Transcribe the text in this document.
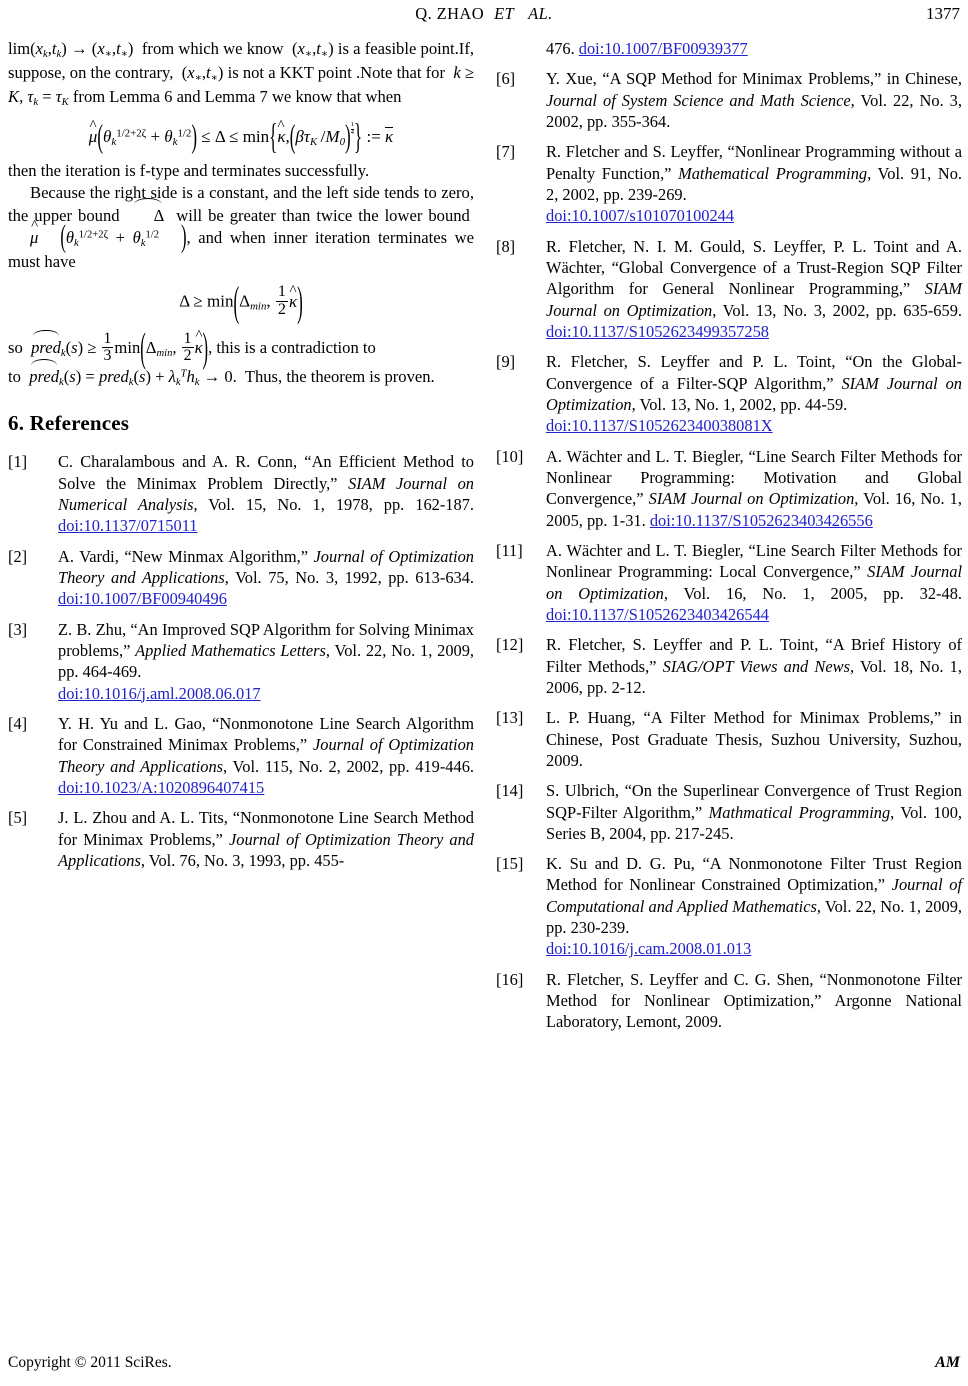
Q. ZHAO ET AL.	1377

$\lim(x_k,t_k) \to (x_∗,t_∗)$ from which we know $(x_∗,t_∗)$ is a feasible point.If, suppose, on the contrary, $(x_∗,t_∗)$ is not a KKT point .Note that for k ≥ K, $\tau_k = \tau_K$ from Lemma 6 and Lemma 7 we know that when

μ $\^{}(\theta_k^{1/2+2\zeta} + \theta_k^{1/2}) \le \Delta \le \min\{\kappa$ $\^{},(\beta\tau_K$ $/M_0$) $^{\frac{1}{4}}$ } := κ

then the iteration is f-type and terminates successfully.

Because the right side is a constant, and the left side tends to zero, the upper bound Δ will be greater than twice the lower bound  μ ^ ($\theta_k^{1/2+2\zeta} + \theta_k^{1/2}$ ), and when inner iteration terminates we must have

$\Delta \ge \min(\Delta_{min}$, $\frac{1}{2}$ κ ^)

so pred$_k$(s) ≥ $\frac{1}{3} \min(\Delta_{min}$, $\frac{1}{2}$ κ ^), this is a contradiction to

to pred$_k$(s) = pred$_k$(s) + $\lambda_k^Th_k \to 0$. Thus, the theorem is proven.

6. References
[1]	C. Charalambous and A. R. Conn, “An Efficient Method to Solve the Minimax Problem Directly,” SIAM Journal on Numerical Analysis, Vol. 15, No. 1, 1978, pp. 162-187. doi:10.1137/0715011
[2]	A. Vardi, “New Minmax Algorithm,” Journal of Optimization Theory and Applications, Vol. 75, No. 3, 1992, pp. 613-634. doi:10.1007/BF00940496
[3]	Z. B. Zhu, “An Improved SQP Algorithm for Solving Minimax problems,” Applied Mathematics Letters, Vol. 22, No. 1, 2009, pp. 464-469.
doi:10.1016/j.aml.2008.06.017
[4]	Y. H. Yu and L. Gao, “Nonmonotone Line Search Algorithm for Constrained Minimax Problems,” Journal of Optimization Theory and Applications, Vol. 115, No. 2, 2002, pp. 419-446. doi:10.1023/A:1020896407415
[5]	J. L. Zhou and A. L. Tits, “Nonmonotone Line Search Method for Minimax Problems,” Journal of Optimization Theory and Applications, Vol. 76, No. 3, 1993, pp. 455-
476. doi:10.1007/BF00939377
[6]	Y. Xue, “A SQP Method for Minimax Problems,” in Chinese, Journal of System Science and Math Science, Vol. 22, No. 3, 2002, pp. 355-364.
[7]	R. Fletcher and S. Leyffer, “Nonlinear Programming without a Penalty Function,” Mathematical Programming, Vol. 91, No. 2, 2002, pp. 239-269.
doi:10.1007/s101070100244
[8]	R. Fletcher, N. I. M. Gould, S. Leyffer, P. L. Toint and A. Wächter, “Global Convergence of a Trust-Region SQP Filter Algorithm for General Nonlinear Programming,” SIAM Journal on Optimization, Vol. 13, No. 3, 2002, pp. 635-659. doi:10.1137/S1052623499357258
[9]	R. Fletcher, S. Leyffer and P. L. Toint, “On the Global-Convergence of a Filter-SQP Algorithm,” SIAM Journal on Optimization, Vol. 13, No. 1, 2002, pp. 44-59.
doi:10.1137/S105262340038081X
[10]	A. Wächter and L. T. Biegler, “Line Search Filter Methods for Nonlinear Programming: Motivation and Global Convergence,” SIAM Journal on Optimization, Vol. 16, No. 1, 2005, pp. 1-31. doi:10.1137/S1052623403426556
[11]	A. Wächter and L. T. Biegler, “Line Search Filter Methods for Nonlinear Programming: Local Convergence,” SIAM Journal on Optimization, Vol. 16, No. 1, 2005, pp. 32-48. doi:10.1137/S1052623403426544
[12]	R. Fletcher, S. Leyffer and P. L. Toint, “A Brief History of Filter Methods,” SIAG/OPT Views and News, Vol. 18, No. 1, 2006, pp. 2-12.
[13]	L. P. Huang, “A Filter Method for Minimax Problems,” in Chinese, Post Graduate Thesis, Suzhou University, Suzhou, 2009.
[14]	S. Ulbrich, “On the Superlinear Convergence of Trust Region SQP-Filter Algorithm,” Mathmatical Programming, Vol. 100, Series B, 2004, pp. 217-245.
[15]	K. Su and D. G. Pu, “A Nonmonotone Filter Trust Region Method for Nonlinear Constrained Optimization,” Journal of Computational and Applied Mathematics, Vol. 22, No. 1, 2009, pp. 230-239.
doi:10.1016/j.cam.2008.01.013
[16]	R. Fletcher, S. Leyffer and C. G. Shen, “Nonmonotone Filter Method for Nonlinear Optimization,” Argonne National Laboratory, Lemont, 2009.
Copyright © 2011 SciRes.	AM
